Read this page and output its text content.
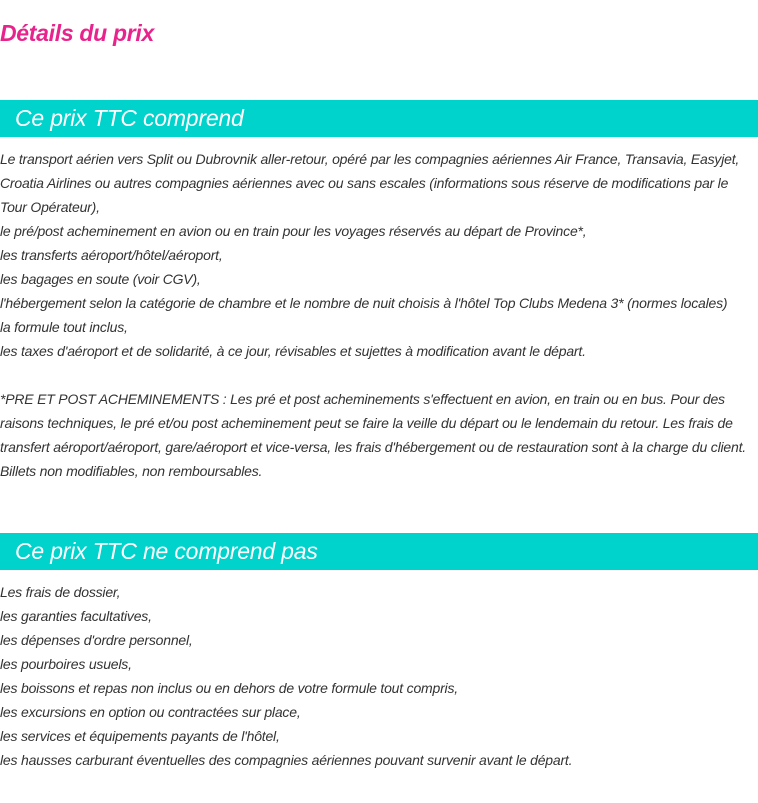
Détails du prix
Ce prix TTC comprend

Le transport aérien vers Split ou Dubrovnik aller-retour, opéré par les compagnies aériennes Air France, Transavia, Easyjet, Croatia Airlines ou autres compagnies aériennes avec ou sans escales (informations sous réserve de modifications par le Tour Opérateur),

le pré/post acheminement en avion ou en train pour les voyages réservés au départ de Province*,

les transferts aéroport/hôtel/aéroport,

les bagages en soute (voir CGV),

l'hébergement selon la catégorie de chambre et le nombre de nuit choisis à l'hôtel Top Clubs Medena 3* (normes locales)

la formule tout inclus,

les taxes d'aéroport et de solidarité, à ce jour, révisables et sujettes à modification avant le départ.

*PRE ET POST ACHEMINEMENTS : Les pré et post acheminements s'effectuent en avion, en train ou en bus. Pour des raisons techniques, le pré et/ou post acheminement peut se faire la veille du départ ou le lendemain du retour. Les frais de transfert aéroport/aéroport, gare/aéroport et vice-versa, les frais d'hébergement ou de restauration sont à la charge du client. Billets non modifiables, non remboursables.

Ce prix TTC ne comprend pas

Les frais de dossier,

les garanties facultatives,

les dépenses d'ordre personnel,

les pourboires usuels,

les boissons et repas non inclus ou en dehors de votre formule tout compris,

les excursions en option ou contractées sur place,

les services et équipements payants de l'hôtel,

les hausses carburant éventuelles des compagnies aériennes pouvant survenir avant le départ.
